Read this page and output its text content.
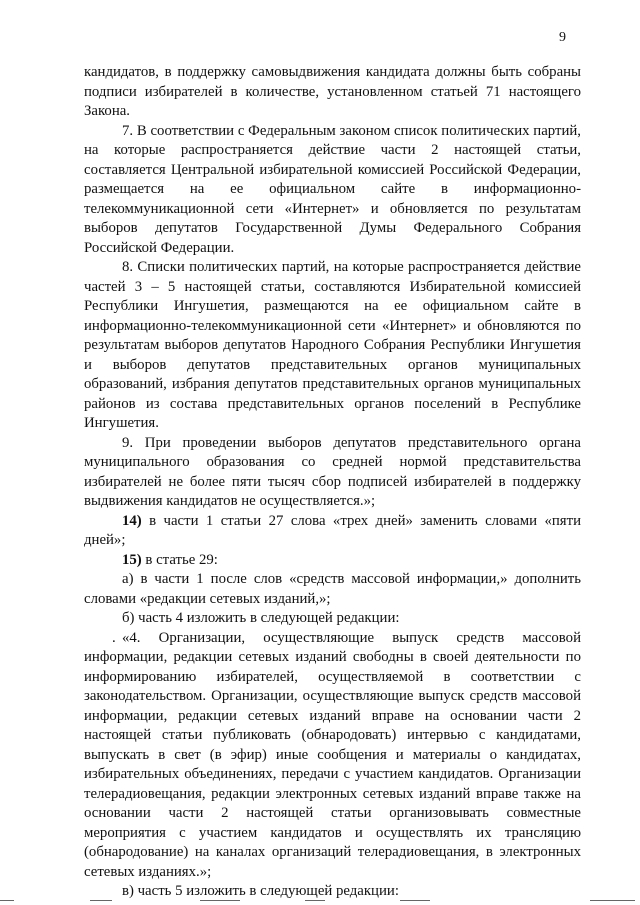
9

кандидатов, в поддержку самовыдвижения кандидата должны быть собраны подписи избирателей в количестве, установленном статьей 71 настоящего Закона.

7. В соответствии с Федеральным законом список политических партий, на которые распространяется действие части 2 настоящей статьи, составляется Центральной избирательной комиссией Российской Федерации, размещается на ее официальном сайте в информационно-телекоммуникационной сети «Интернет» и обновляется по результатам выборов депутатов Государственной Думы Федерального Собрания Российской Федерации.

8. Списки политических партий, на которые распространяется действие частей 3 – 5 настоящей статьи, составляются Избирательной комиссией Республики Ингушетия, размещаются на ее официальном сайте в информационно-телекоммуникационной сети «Интернет» и обновляются по результатам выборов депутатов Народного Собрания Республики Ингушетия и выборов депутатов представительных органов муниципальных образований, избрания депутатов представительных органов муниципальных районов из состава представительных органов поселений в Республике Ингушетия.

9. При проведении выборов депутатов представительного органа муниципального образования со средней нормой представительства избирателей не более пяти тысяч сбор подписей избирателей в поддержку выдвижения кандидатов не осуществляется.»;

14) в части 1 статьи 27 слова «трех дней» заменить словами «пяти дней»;

15) в статье 29:

а) в части 1 после слов «средств массовой информации,» дополнить словами «редакции сетевых изданий,»;

б) часть 4 изложить в следующей редакции:

. «4. Организации, осуществляющие выпуск средств массовой информации, редакции сетевых изданий свободны в своей деятельности по информированию избирателей, осуществляемой в соответствии с законодательством. Организации, осуществляющие выпуск средств массовой информации, редакции сетевых изданий вправе на основании части 2 настоящей статьи публиковать (обнародовать) интервью с кандидатами, выпускать в свет (в эфир) иные сообщения и материалы о кандидатах, избирательных объединениях, передачи с участием кандидатов. Организации телерадиовещания, редакции электронных сетевых изданий вправе также на основании части 2 настоящей статьи организовывать совместные мероприятия с участием кандидатов и осуществлять их трансляцию (обнародование) на каналах организаций телерадиовещания, в электронных сетевых изданиях.»;

в) часть 5 изложить в следующей редакции:
